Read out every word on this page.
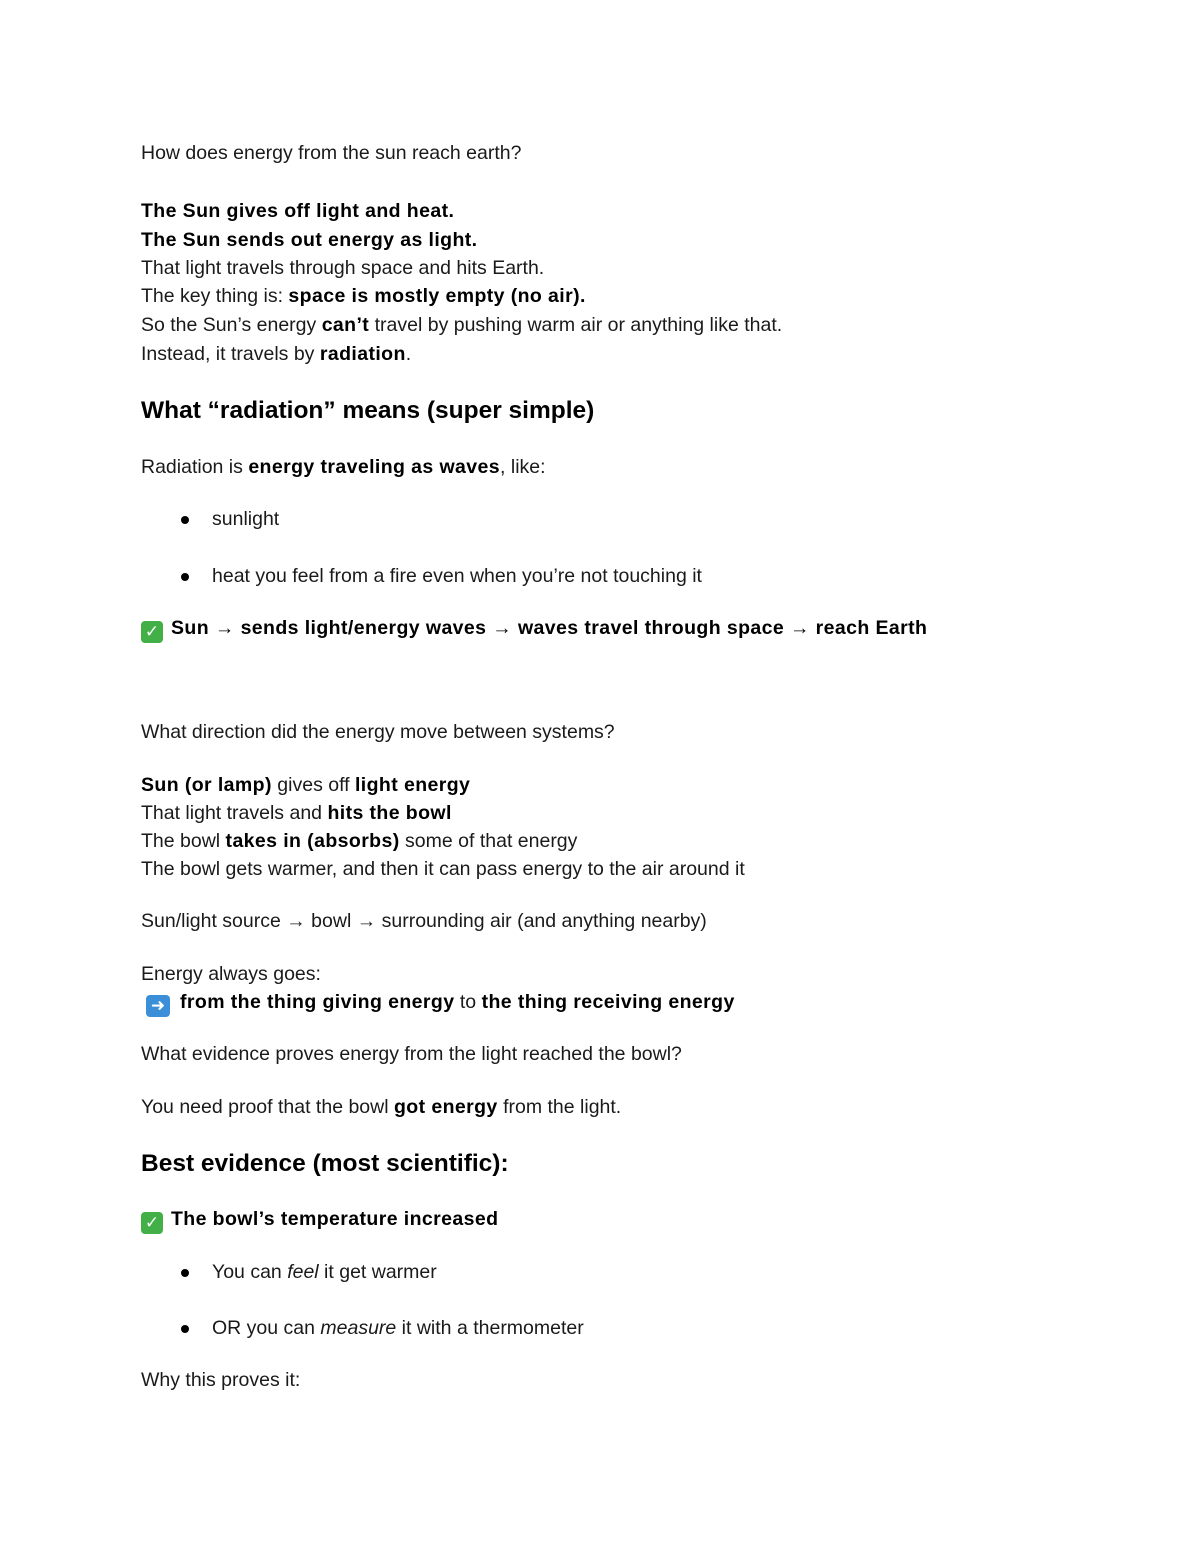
How does energy from the sun reach earth?
The Sun gives off light and heat.
The Sun sends out energy as light.
That light travels through space and hits Earth.
The key thing is: space is mostly empty (no air).
So the Sun’s energy can’t travel by pushing warm air or anything like that.
Instead, it travels by radiation.
What “radiation” means (super simple)
Radiation is energy traveling as waves, like:
sunlight
heat you feel from a fire even when you’re not touching it
✓ Sun → sends light/energy waves → waves travel through space → reach Earth
What direction did the energy move between systems?
Sun (or lamp) gives off light energy
That light travels and hits the bowl
The bowl takes in (absorbs) some of that energy
The bowl gets warmer, and then it can pass energy to the air around it
Sun/light source → bowl → surrounding air (and anything nearby)
Energy always goes:
➜ from the thing giving energy to the thing receiving energy
What evidence proves energy from the light reached the bowl?
You need proof that the bowl got energy from the light.
Best evidence (most scientific):
✓ The bowl’s temperature increased
You can feel it get warmer
OR you can measure it with a thermometer
Why this proves it:
